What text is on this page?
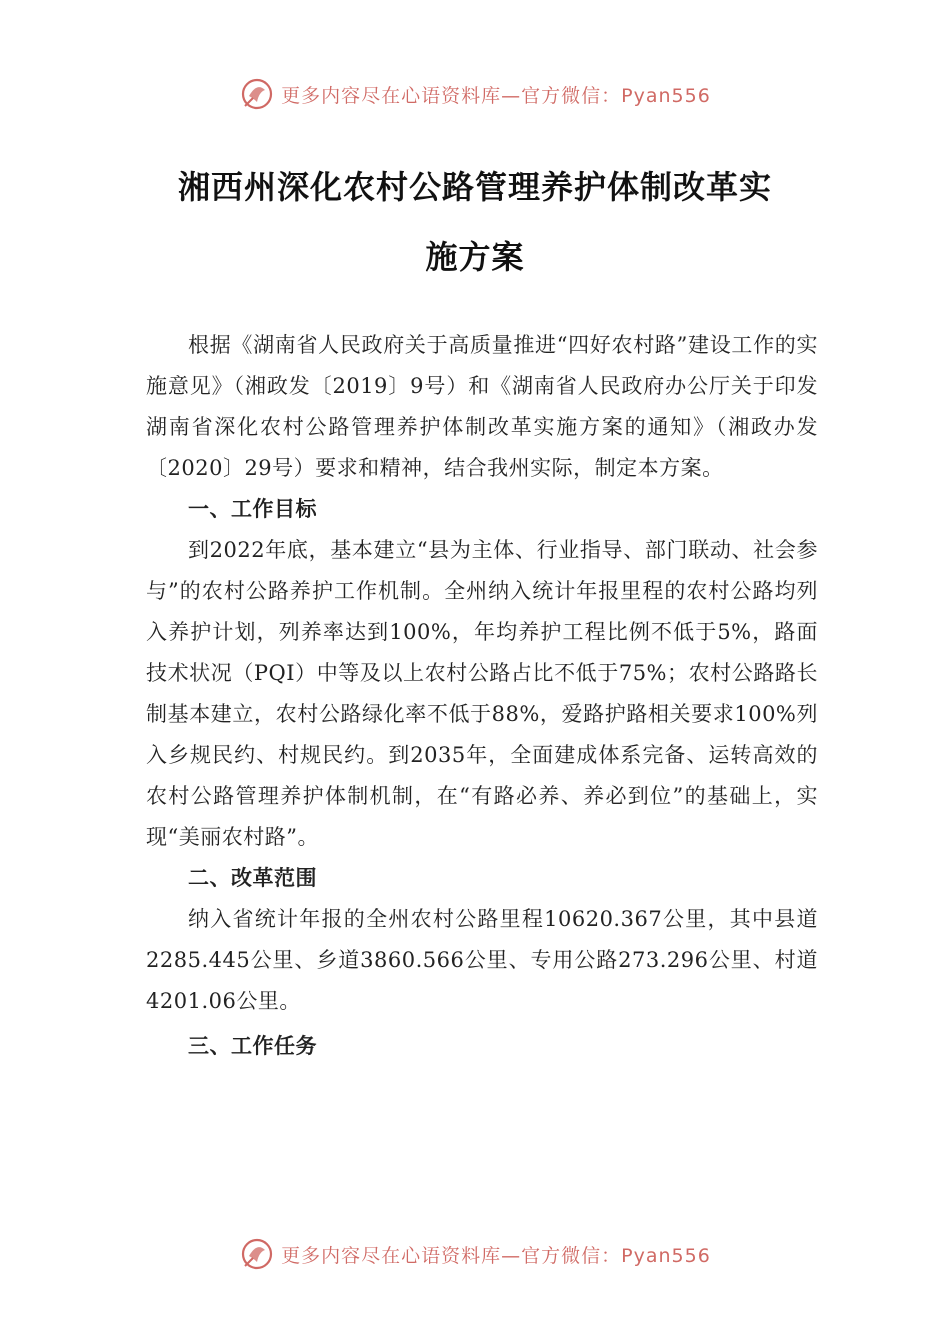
更多内容尽在心语资料库—官方微信：Pyan556
湘西州深化农村公路管理养护体制改革实
施方案

根据《湖南省人民政府关于高质量推进“四好农村路”建设工作的实施意见》（湘政发〔2019〕9号）和《湖南省人民政府办公厅关于印发湖南省深化农村公路管理养护体制改革实施方案的通知》（湘政办发〔2020〕29号）要求和精神，结合我州实际，制定本方案。

一、工作目标

到2022年底，基本建立“县为主体、行业指导、部门联动、社会参与”的农村公路养护工作机制。全州纳入统计年报里程的农村公路均列入养护计划，列养率达到100%，年均养护工程比例不低于5%，路面技术状况（PQI）中等及以上农村公路占比不低于75%；农村公路路长制基本建立，农村公路绿化率不低于88%，爱路护路相关要求100%列入乡规民约、村规民约。到2035年，全面建成体系完备、运转高效的农村公路管理养护体制机制，在“有路必养、养必到位”的基础上，实现“美丽农村路”。

二、改革范围

纳入省统计年报的全州农村公路里程10620.367公里，其中县道2285.445公里、乡道3860.566公里、专用公路273.296公里、村道4201.06公里。

三、工作任务

更多内容尽在心语资料库—官方微信：Pyan556
